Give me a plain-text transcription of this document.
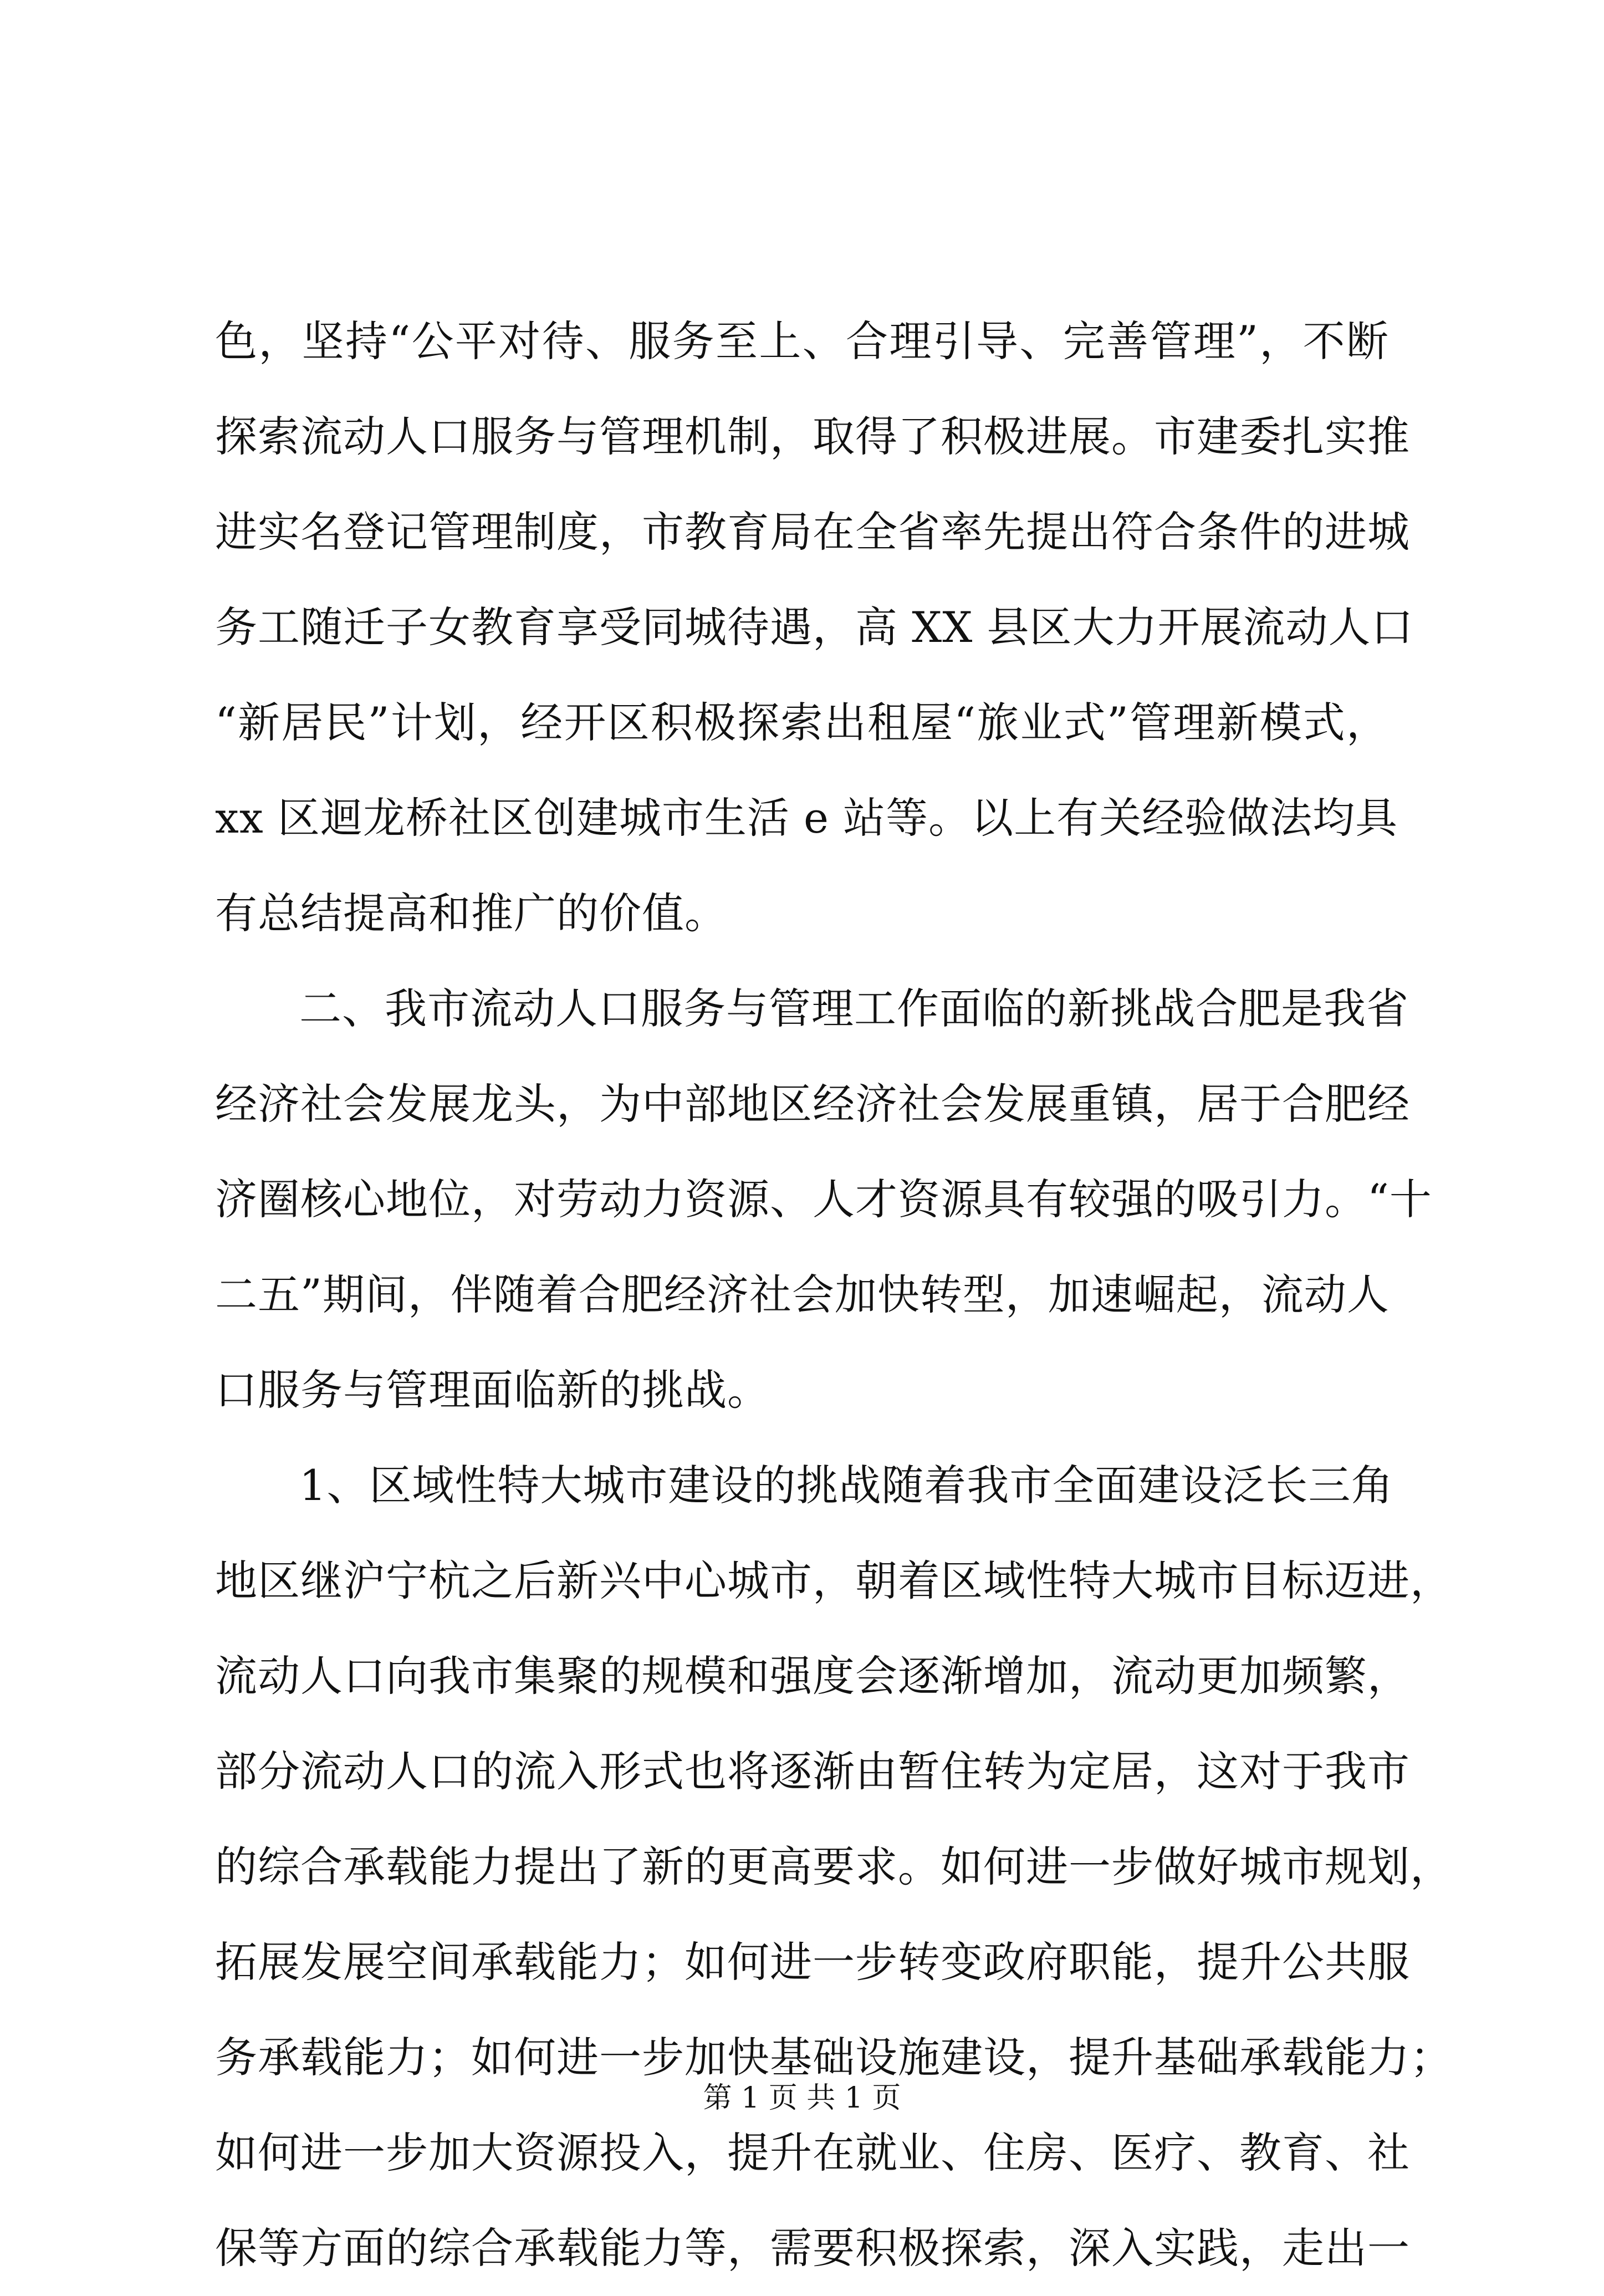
色，坚持“公平对待、服务至上、合理引导、完善管理”，不断
探索流动人口服务与管理机制，取得了积极进展。市建委扎实推
进实名登记管理制度，市教育局在全省率先提出符合条件的进城
务工随迁子女教育享受同城待遇，高 XX 县区大力开展流动人口
“新居民”计划，经开区积极探索出租屋“旅业式”管理新模式，
xx 区迴龙桥社区创建城市生活 e 站等。以上有关经验做法均具
有总结提高和推广的价值。
二、我市流动人口服务与管理工作面临的新挑战合肥是我省
经济社会发展龙头，为中部地区经济社会发展重镇，居于合肥经
济圈核心地位，对劳动力资源、人才资源具有较强的吸引力。“十
二五”期间，伴随着合肥经济社会加快转型，加速崛起，流动人
口服务与管理面临新的挑战。
1、区域性特大城市建设的挑战随着我市全面建设泛长三角
地区继沪宁杭之后新兴中心城市，朝着区域性特大城市目标迈进，
流动人口向我市集聚的规模和强度会逐渐增加，流动更加频繁，
部分流动人口的流入形式也将逐渐由暂住转为定居，这对于我市
的综合承载能力提出了新的更高要求。如何进一步做好城市规划，
拓展发展空间承载能力；如何进一步转变政府职能，提升公共服
务承载能力；如何进一步加快基础设施建设，提升基础承载能力；
如何进一步加大资源投入，提升在就业、住房、医疗、教育、社
保等方面的综合承载能力等，需要积极探索，深入实践，走出一
第 1 页 共 1 页
